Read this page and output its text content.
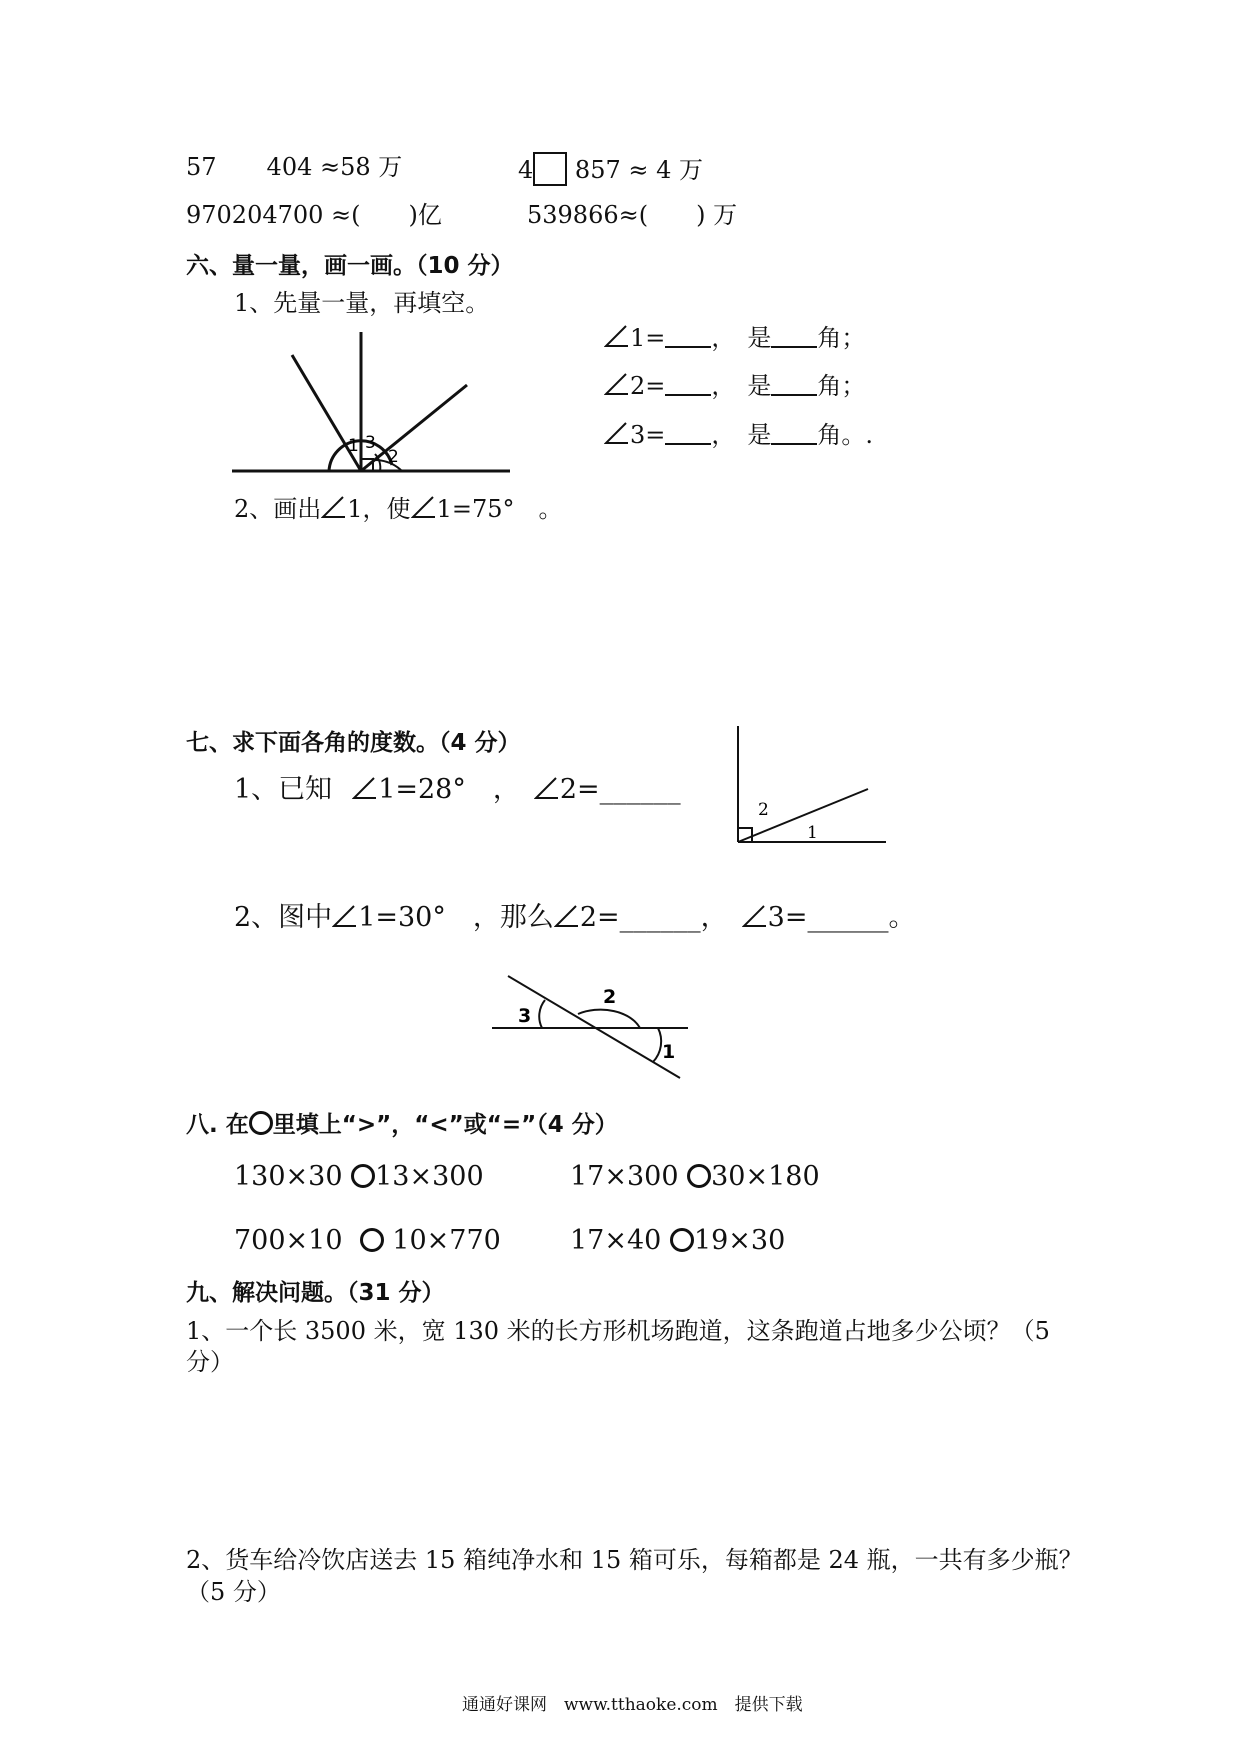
57 404 ≈58 万	4 857 ≈ 4 万
970204700 ≈(　　)亿	539866≈(　　) 万
六、量一量，画一画。（10 分）
1、先量一量，再填空。
3
1
2
1= ，　是 角；
2= ，　是 角；
3= ，　是 角。.
2、画出 1，使 1=75°　。
七、求下面各角的度数。（4 分）
1、已知 1=28°　， 2=______
2
1
2、图中 1=30°　，那么 2=______， 3=______。
3
2
1
八. 在 里填上“>”，“<”或“=”（4 分）
130×30 13×300	17×300 30×180
700×10 10×770	17×40 19×30
九、解决问题。（31 分）
1、一个长 3500 米，宽 130 米的长方形机场跑道，这条跑道占地多少公顷？（5
分）
2、货车给冷饮店送去 15 箱纯净水和 15 箱可乐，每箱都是 24 瓶，一共有多少瓶？
（5 分）
通通好课网　www.tthaoke.com　提供下载
